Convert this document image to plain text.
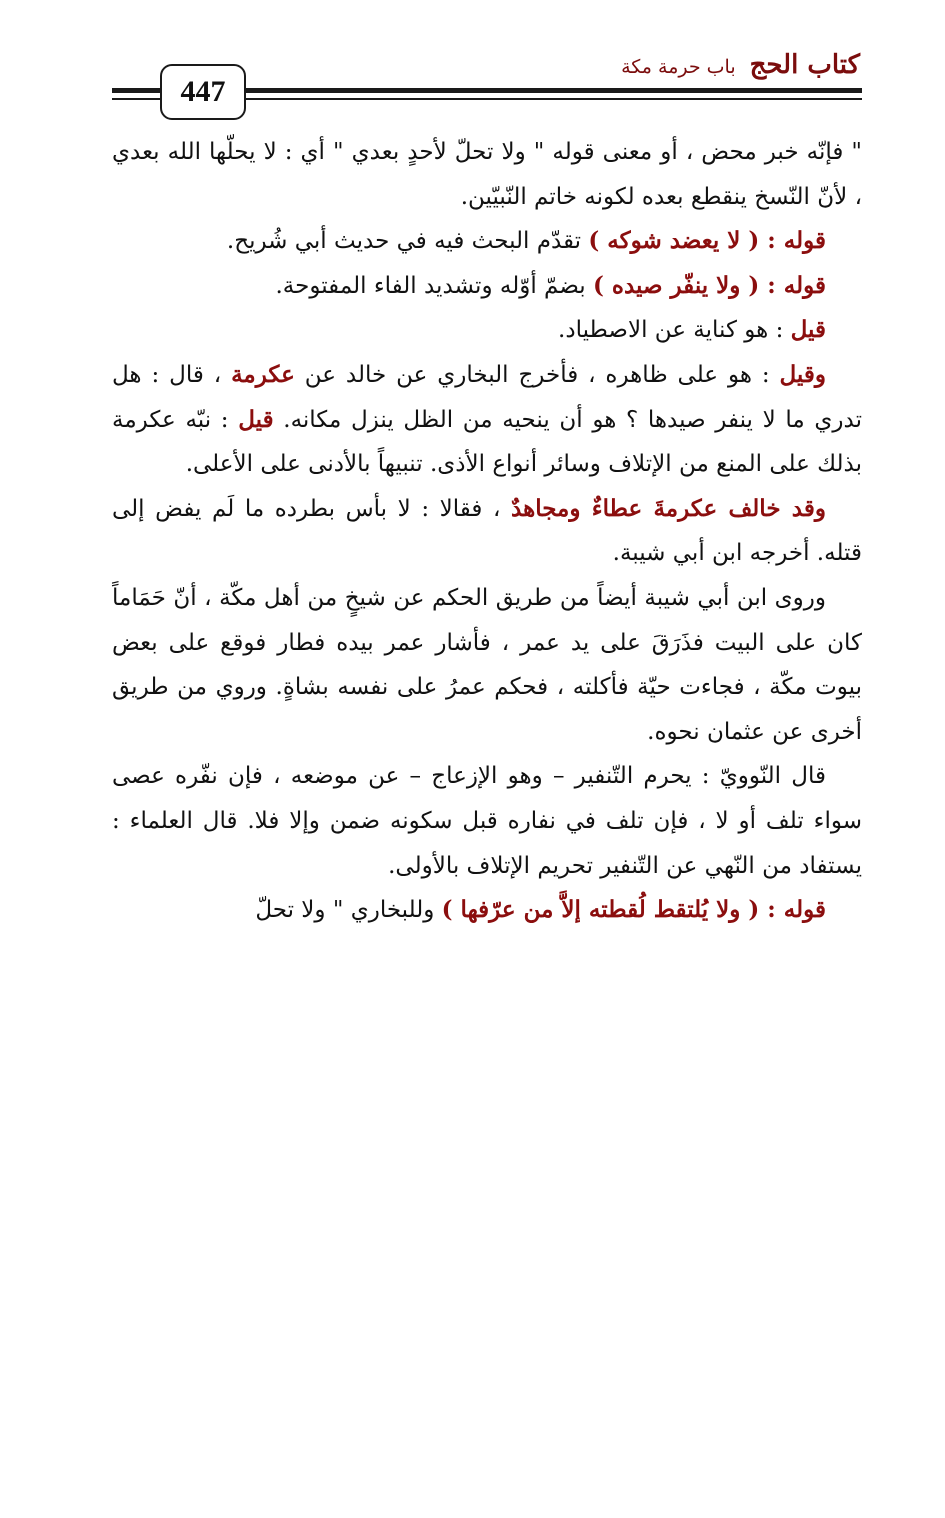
447
كتاب الحج
باب حرمة مكة

" فإنّه خبر محض ، أو معنى قوله " ولا تحلّ لأحدٍ بعدي " أي : لا يحلّها الله بعدي ، لأنّ النّسخ ينقطع بعده لكونه خاتم النّبيّين.

قوله : ( لا يعضد شوكه ) تقدّم البحث فيه في حديث أبي شُريح.

قوله : ( ولا ينفّر صيده ) بضمّ أوّله وتشديد الفاء المفتوحة.

قيل : هو كناية عن الاصطياد.

وقيل : هو على ظاهره ، فأخرج البخاري عن خالد عن عكرمة ، قال : هل تدري ما لا ينفر صيدها ؟ هو أن ينحيه من الظل ينزل مكانه. قيل : نبّه عكرمة بذلك على المنع من الإتلاف وسائر أنواع الأذى. تنبيهاً بالأدنى على الأعلى.

وقد خالف عكرمةَ عطاءٌ ومجاهدٌ ، فقالا : لا بأس بطرده ما لَم يفض إلى قتله. أخرجه ابن أبي شيبة.

وروى ابن أبي شيبة أيضاً من طريق الحكم عن شيخٍ من أهل مكّة ، أنّ حَمَاماً كان على البيت فذَرَقَ على يد عمر ، فأشار عمر بيده فطار فوقع على بعض بيوت مكّة ، فجاءت حيّة فأكلته ، فحكم عمرُ على نفسه بشاةٍ. وروي من طريق أخرى عن عثمان نحوه.

قال النّوويّ : يحرم التّنفير – وهو الإزعاج – عن موضعه ، فإن نفّره عصى سواء تلف أو لا ، فإن تلف في نفاره قبل سكونه ضمن وإلا فلا. قال العلماء : يستفاد من النّهي عن التّنفير تحريم الإتلاف بالأولى.

قوله : ( ولا يُلتقط لُقطته إلاَّ من عرّفها ) وللبخاري " ولا تحلّ
